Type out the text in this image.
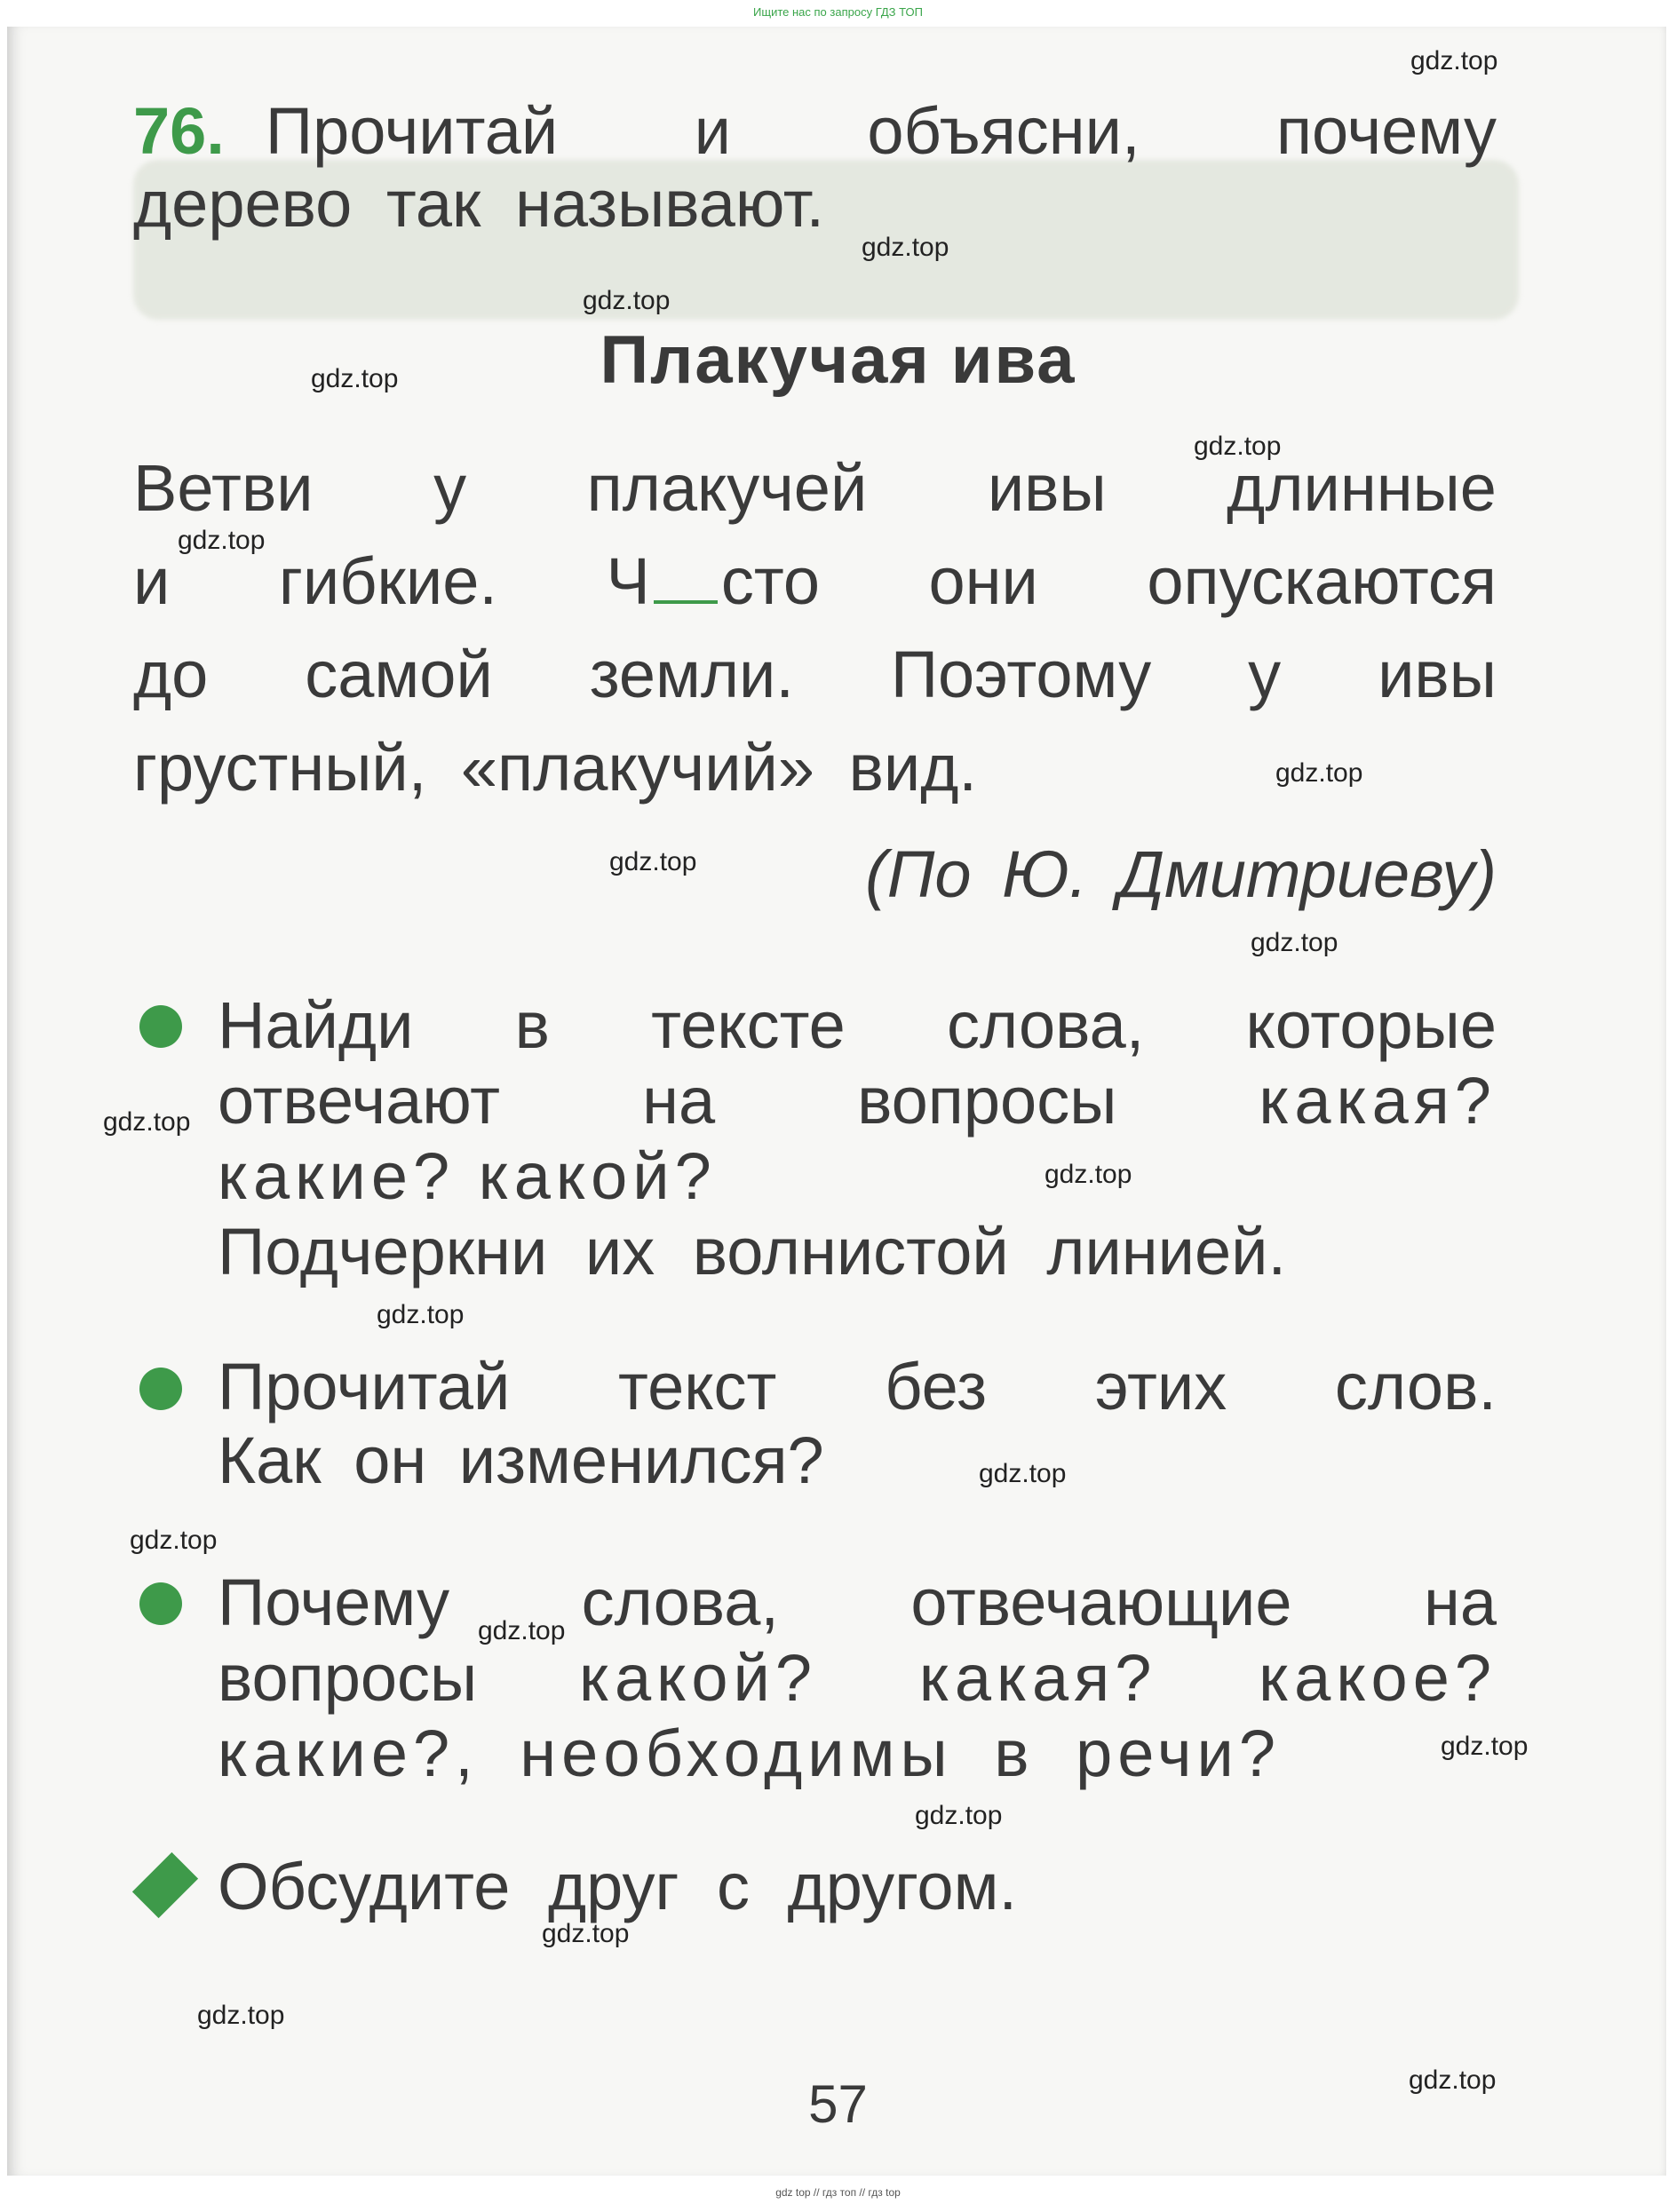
Ищите нас по запросу ГДЗ ТОП
76. Прочитай и объясни, почему
дерево так называют.
Плакучая ива
Ветви у плакучей ивы длинные
и гибкие. Ч сто они опускаются
до самой земли. Поэтому у ивы
грустный, «плакучий» вид.
(По Ю. Дмитриеву)
Найди в тексте слова, которые
отвечают на вопросы какая?
какие? какой?
Подчеркни их волнистой линией.
Прочитай текст без этих слов.
Как он изменился?
Почему слова, отвечающие на
вопросы какой? какая? какое?
какие?, необходимы в речи?
Обсудите друг с другом.
57
gdz.top
gdz.top
gdz.top
gdz.top
gdz.top
gdz.top
gdz.top
gdz.top
gdz.top
gdz.top
gdz.top
gdz.top
gdz.top
gdz.top
gdz.top
gdz.top
gdz.top
gdz.top
gdz.top
gdz.top
gdz top // гдз топ // гдз top
